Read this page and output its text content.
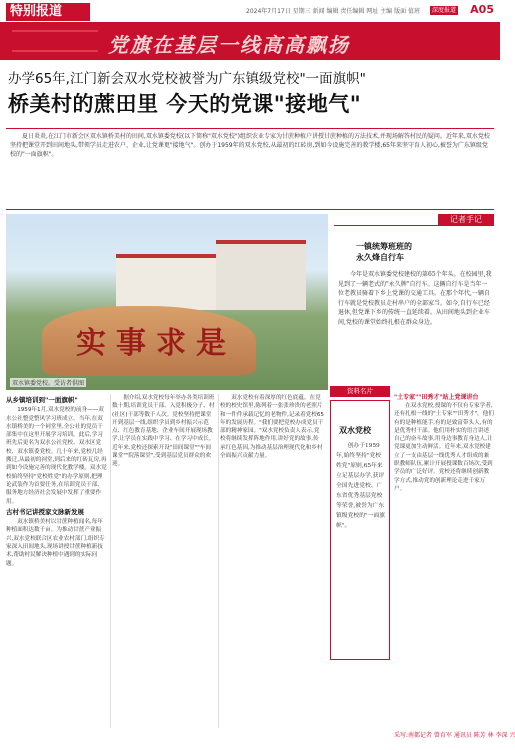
特别报道	2024年7月17日 星期三 新闻 编辑 责任编辑 网址 主编 版面 值班	深度报道 A05
党旗在基层一线高高飘扬
办学65年,江门新会双水党校被誉为广东镇级党校"一面旗帜"
桥美村的蔗田里 今天的党课"接地气"
夏日炎炎,在江门市新会区双水镇桥美村的田间,双水镇委党校(以下简称"双水党校")组织农业专家为甘蔗种植户讲授甘蔗种植的方法技术,并现场解答村民的疑问。近年来,双水党校坚持把课堂开到田间地头,带领学员走进农户、企业,让党课更"接地气"。创办于1959年的双水党校,从最初的红砖房,到如今设施完善的教学楼,65年来坚守育人初心,被誉为广东镇级党校的"一面旗帜"。
实事求是
双水镇委党校。受访者供图
记者手记
一镇统筹班班的
永久烽自行车
今年是双水镇委党校建校的第65个年头。在校园里,我见到了一辆老式的"永久牌"自行车。这辆自行车是当年一位老教员骑着下乡上党课的交通工具。在那个年代,一辆自行车就是党校教员走村串户的全部家当。如今,自行车已经退休,但党课下乡的传统一直延续着。从田间地头到企业车间,党校的课堂始终扎根在群众身边。
从乡镇培训到"一面旗帜"
1959年1月,双水党校的前身——双水公社整党整风学习班成立。当年,在双水镇桥美的一个祠堂里,全公社的党员干部集中在这里开展学习培训。此后,学习班先后更名为双水公社党校、双水区党校、双水镇委党校。几十年来,党校几经搬迁,从最初的祠堂,到后来的红砖瓦房,再到如今设施完善的现代化教学楼。双水党校始终坚持"党校姓党"的办学原则,把理论武装作为首要任务,在培训党员干部、服务地方经济社会发展中发挥了重要作用。
古村书记讲授家文脉新发展
双水镇桥美村以甘蔗种植闻名,每年种植面积达数千亩。为推动甘蔗产业振兴,双水党校联合区农业农村部门,组织专家深入田间地头,现场讲授甘蔗种植新技术,帮助村民解决种植中遇到的实际问题。
据介绍,双水党校每年举办各类培训班数十期,培训党员干部、入党积极分子、村(社区)干部等数千人次。党校坚持把课堂开到基层一线,组织学员到乡村振兴示范点、红色教育基地、企业车间开展现场教学,让学员在实践中学习、在学习中成长。近年来,党校还探索开设"田间课堂""车间课堂""院落课堂",受到基层党员群众的欢迎。
双水党校有着深厚的红色底蕴。在党校的校史馆里,陈列着一张张珍贵的老照片和一件件承载记忆的老物件,记录着党校65年的发展历程。"我们要把党校办成党员干部的精神家园。"双水党校负责人表示,党校将继续发挥阵地作用,讲好党的故事,传承红色基因,为推动基层治理现代化和乡村全面振兴贡献力量。
资料名片
双水党校
创办于1959年,始终坚持"党校姓党"原则,65年来立足基层办学,获评全国先进党校、广东省优秀基层党校等荣誉,被誉为广东镇级党校的"一面旗帜"。
"土专家""田秀才"站上党课讲台
在双水党校,授课的不仅有专家学者,还有扎根一线的"土专家""田秀才"。他们有的是种植能手,有的是致富带头人,有的是优秀村干部。他们用朴实的语言讲述自己的奋斗故事,用身边事教育身边人,让党课更加生动鲜活。近年来,双水党校建立了一支由基层一线优秀人才组成的兼职教师队伍,累计开展授课数百场次,受到学员的广泛好评。党校还将继续创新教学方式,推动党的创新理论走进千家万户。
采写:南都记者 曾育军 通讯员 陈芳 林 李深 兴
